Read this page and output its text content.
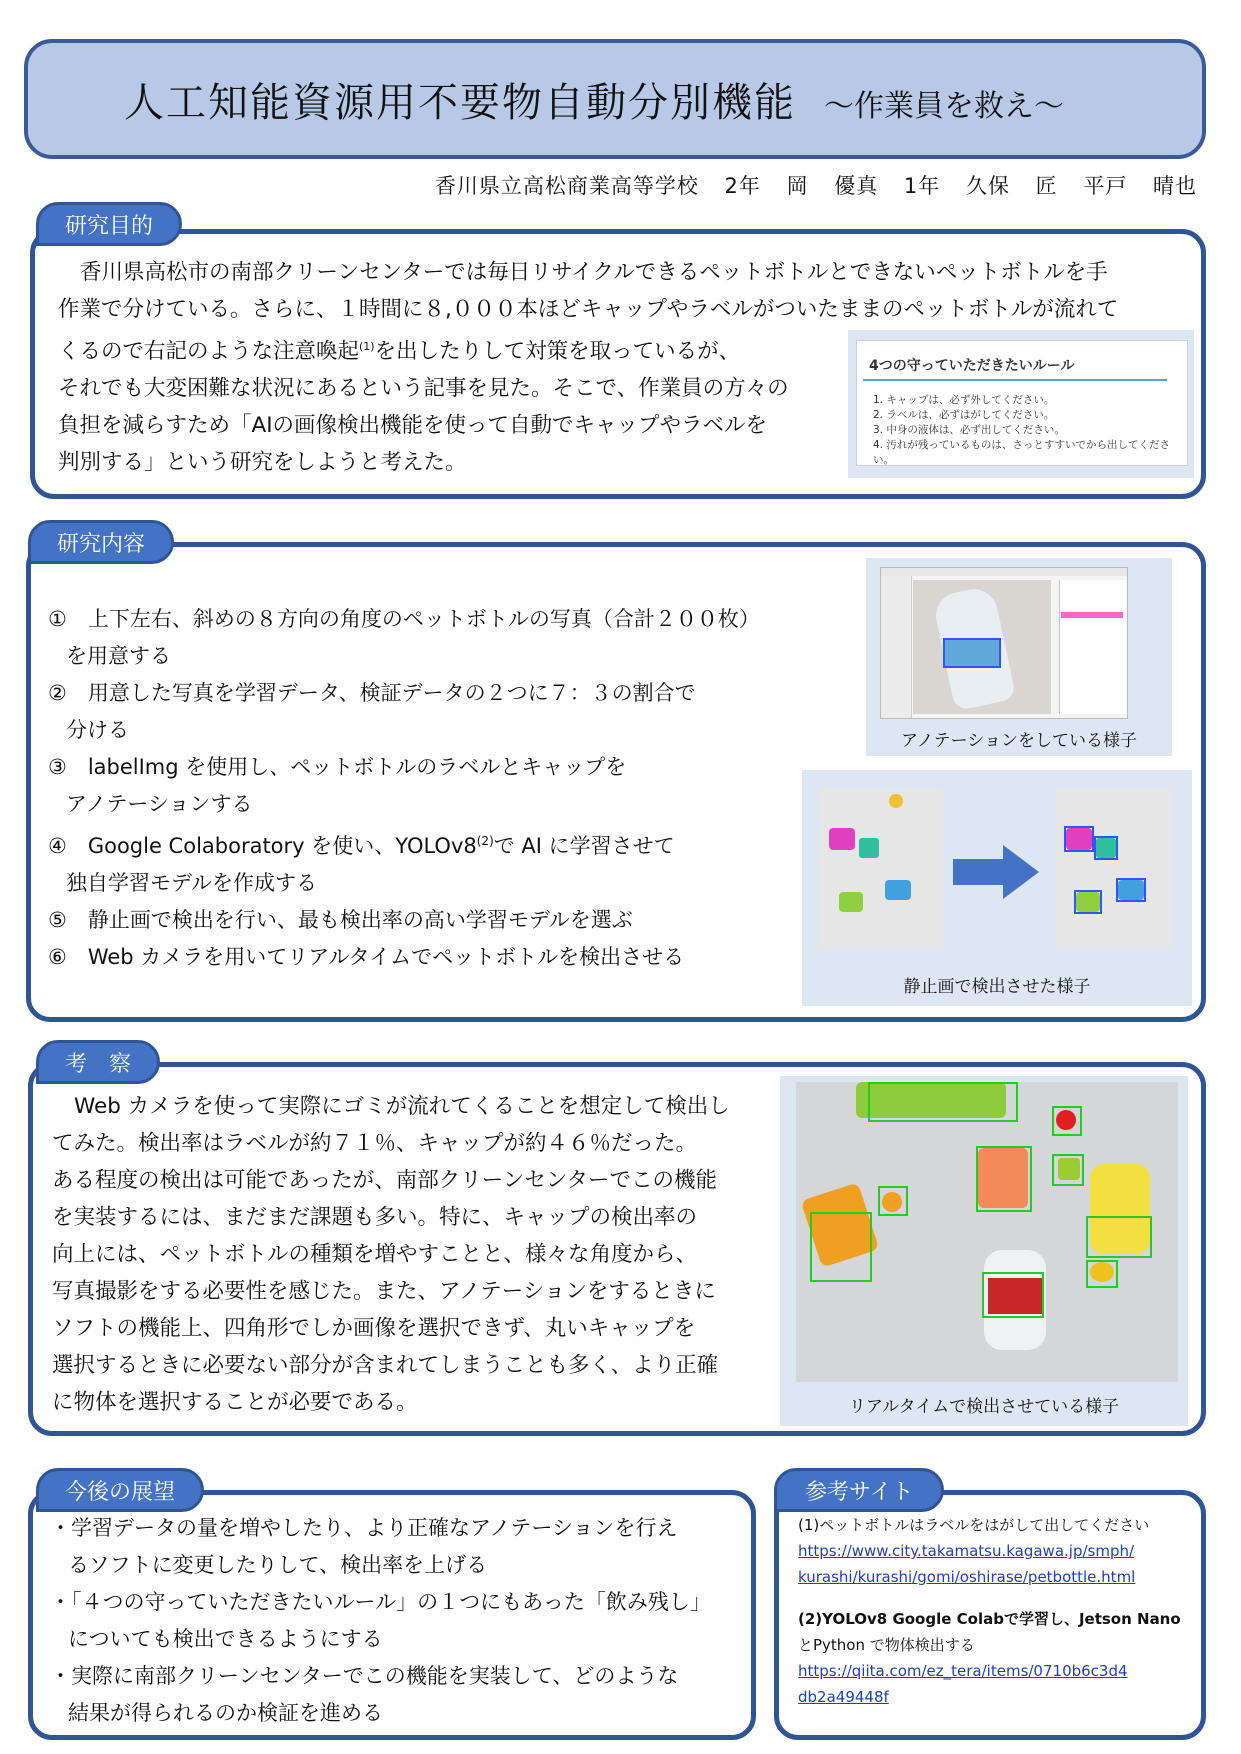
人工知能資源用不要物自動分別機能 〜作業員を救え〜
香川県立高松商業高等学校 2年 岡 優真 1年 久保 匠 平戸 晴也
研究目的

香川県高松市の南部クリーンセンターでは毎日リサイクルできるペットボトルとできないペットボトルを手

作業で分けている。さらに、１時間に８,０００本ほどキャップやラベルがついたままのペットボトルが流れて

くるので右記のような注意喚起$^{(1)}$を出したりして対策を取っているが、

それでも大変困難な状況にあるという記事を見た。そこで、作業員の方々の

負担を減らすため「AIの画像検出機能を使って自動でキャップやラベルを

判別する」という研究をしようと考えた。

4つの守っていただきたいルール
1. キャップは、必ず外してください。
2. ラベルは、必ずはがしてください。
3. 中身の液体は、必ず出してください。
4. 汚れが残っているものは、さっとすすいでから出してください。
研究内容
①　上下左右、斜めの８方向の角度のペットボトルの写真（合計２００枚）
を用意する
②　用意した写真を学習データ、検証データの２つに７：３の割合で
分ける
③　labelImg を使用し、ペットボトルのラベルとキャップを
アノテーションする
④　Google Colaboratory を使い、YOLOv8$^{(2)}$で AI に学習させて
独自学習モデルを作成する
⑤　静止画で検出を行い、最も検出率の高い学習モデルを選ぶ
⑥　Web カメラを用いてリアルタイムでペットボトルを検出させる
アノテーションをしている様子
静止画で検出させた様子
考　察

Web カメラを使って実際にゴミが流れてくることを想定して検出し

てみた。検出率はラベルが約７１％、キャップが約４６％だった。

ある程度の検出は可能であったが、南部クリーンセンターでこの機能

を実装するには、まだまだ課題も多い。特に、キャップの検出率の

向上には、ペットボトルの種類を増やすことと、様々な角度から、

写真撮影をする必要性を感じた。また、アノテーションをするときに

ソフトの機能上、四角形でしか画像を選択できず、丸いキャップを

選択するときに必要ない部分が含まれてしまうことも多く、より正確

に物体を選択することが必要である。	リアルタイムで検出させている様子
今後の展望
・学習データの量を増やしたり、より正確なアノテーションを行え
るソフトに変更したりして、検出率を上げる
・「４つの守っていただきたいルール」の１つにもあった「飲み残し」
についても検出できるようにする
・実際に南部クリーンセンターでこの機能を実装して、どのような
結果が得られるのか検証を進める
参考サイト
(1)ペットボトルはラベルをはがして出してください
https://www.city.takamatsu.kagawa.jp/smph/
kurashi/kurashi/gomi/oshirase/petbottle.html
(2)YOLOv8 Google Colabで学習し、Jetson Nano
とPython で物体検出する
https://qiita.com/ez_tera/items/0710b6c3d4
db2a49448f
